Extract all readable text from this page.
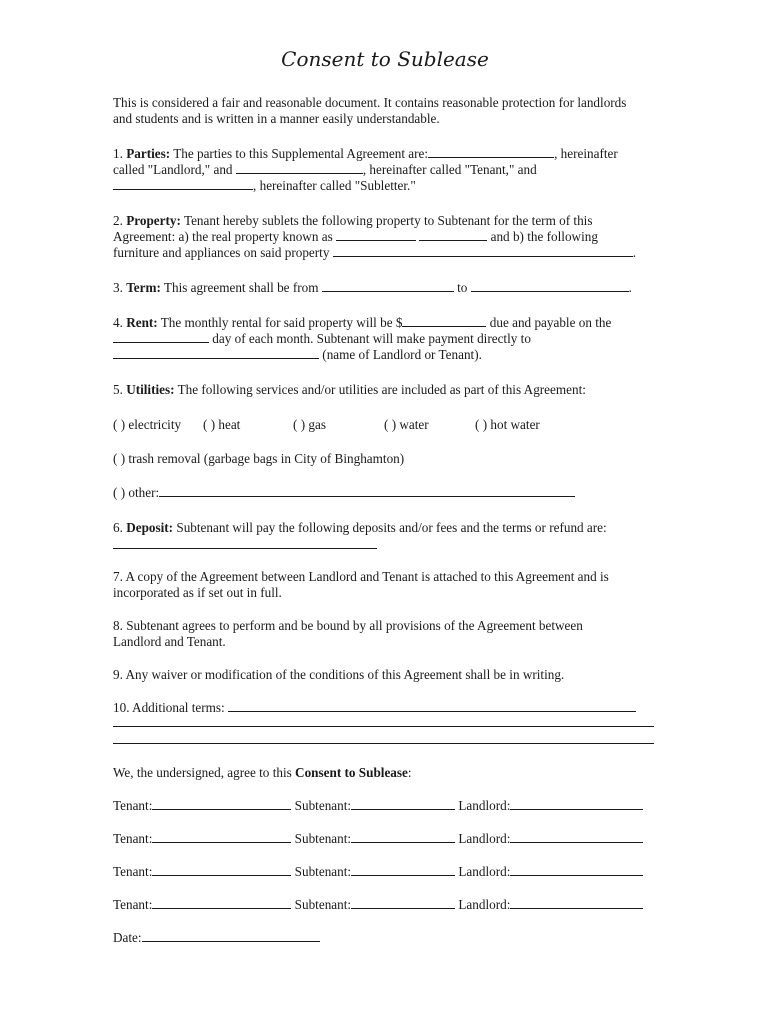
Consent to Sublease
This is considered a fair and reasonable document. It contains reasonable protection for landlords
and students and is written in a manner easily understandable.
1. Parties: The parties to this Supplemental Agreement are:	, hereinafter
called "Landlord," and	, hereinafter called "Tenant," and
, hereinafter called "Subletter."
2. Property: Tenant hereby sublets the following property to Subtenant for the term of this
Agreement: a) the real property known as	and b) the following
furniture and appliances on said property	.
3. Term: This agreement shall be from	to	.
4. Rent: The monthly rental for said property will be $	due and payable on the
day of each month. Subtenant will make payment directly to
(name of Landlord or Tenant).
5. Utilities: The following services and/or utilities are included as part of this Agreement:
( ) electricity ( ) heat	( ) gas	( ) water	( ) hot water
( ) trash removal (garbage bags in City of Binghamton)
( ) other:
6. Deposit: Subtenant will pay the following deposits and/or fees and the terms or refund are:
7. A copy of the Agreement between Landlord and Tenant is attached to this Agreement and is
incorporated as if set out in full.
8. Subtenant agrees to perform and be bound by all provisions of the Agreement between
Landlord and Tenant.
9. Any waiver or modification of the conditions of this Agreement shall be in writing.
10. Additional terms:
We, the undersigned, agree to this Consent to Sublease:
Tenant:	Subtenant:	Landlord:
Tenant:	Subtenant:	Landlord:
Tenant:	Subtenant:	Landlord:
Tenant:	Subtenant:	Landlord:
Date:
